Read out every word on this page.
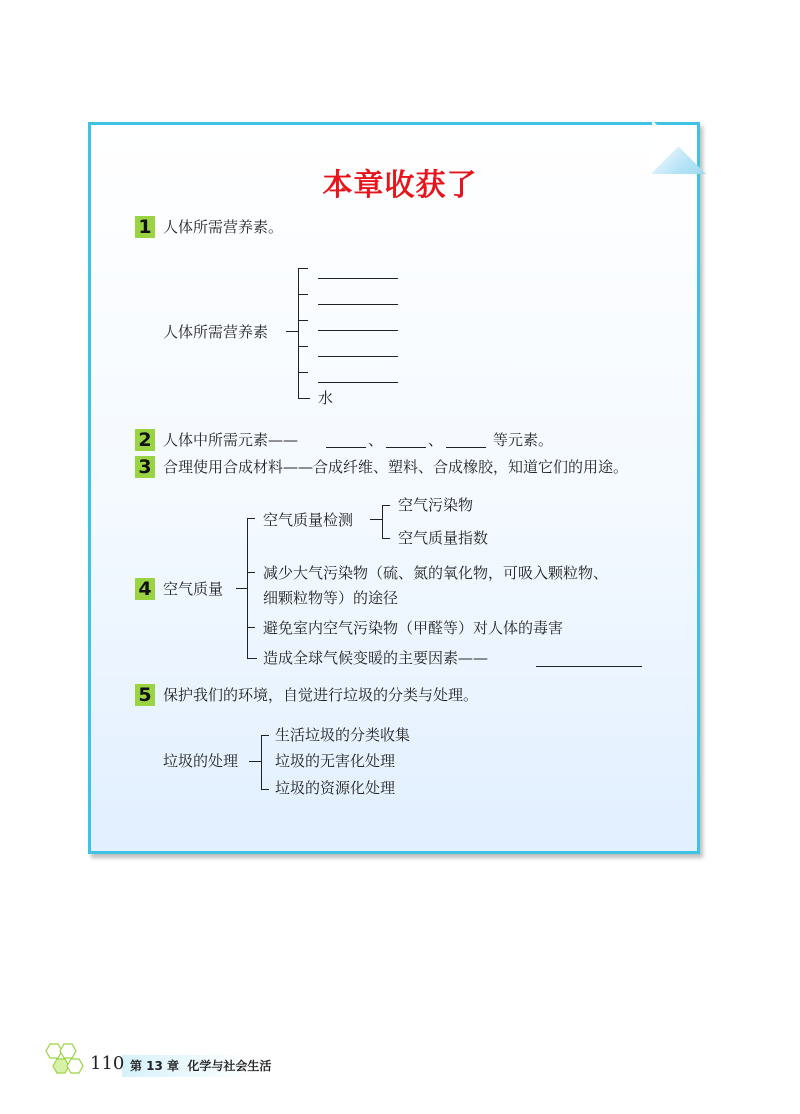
本章收获了
1 人体所需营养素。
人体所需营养素
水
2 人体中所需元素——	、	、	等元素。
3 合理使用合成材料——合成纤维、塑料、合成橡胶，知道它们的用途。
4 空气质量
空气质量检测
空气污染物
空气质量指数
减少大气污染物（硫、氮的氧化物，可吸入颗粒物、
细颗粒物等）的途径
避免室内空气污染物（甲醛等）对人体的毒害
造成全球气候变暖的主要因素——
5 保护我们的环境，自觉进行垃圾的分类与处理。
垃圾的处理
生活垃圾的分类收集
垃圾的无害化处理
垃圾的资源化处理
110 第 13 章 化学与社会生活
